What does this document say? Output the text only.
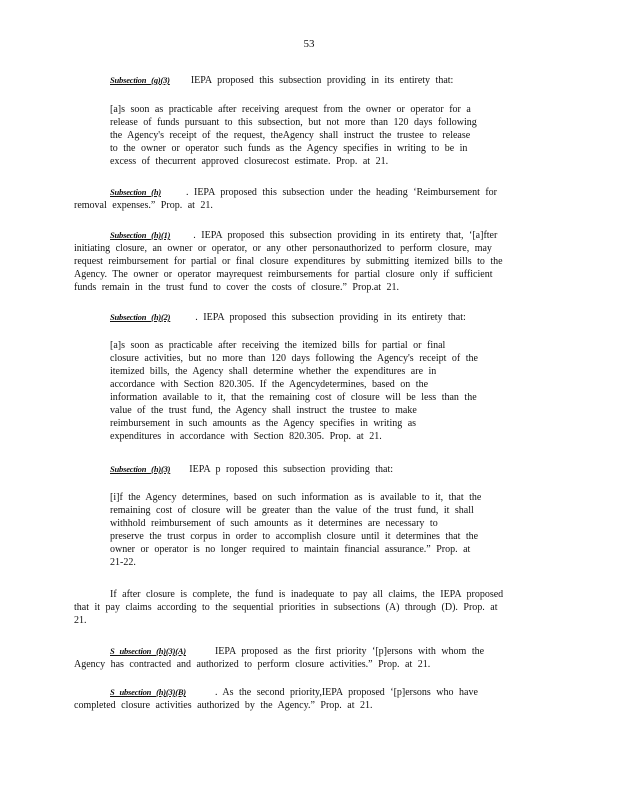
53
Subsection (g)(3) IEPA proposed this subsection providing in its entirety that:
[a]s soon as practicable after receiving arequest from the owner or operator for a
release of funds pursuant to this subsection, but not more than 120 days following
the Agency's receipt of the request, theAgency shall instruct the trustee to release
to the owner or operator such funds as the Agency specifies in writing to be in
excess of thecurrent approved closurecost estimate. Prop. at 21.
Subsection (h)	. IEPA proposed this subsection under the heading ‘Reimbursement for
removal expenses.” Prop. at 21.
Subsection (h)(1) . IEPA proposed this subsection providing in its entirety that, ‘[a]fter
initiating closure, an owner or operator, or any other personauthorized to perform closure, may
request reimbursement for partial or final closure expenditures by submitting itemized bills to the
Agency. The owner or operator mayrequest reimbursements for partial closure only if sufficient
funds remain in the trust fund to cover the costs of closure.” Prop.at 21.
Subsection (h)(2)	. IEPA proposed this subsection providing in its entirety that:
[a]s soon as practicable after receiving the itemized bills for partial or final
closure activities, but no more than 120 days following the Agency's receipt of the
itemized bills, the Agency shall determine whether the expenditures are in
accordance with Section 820.305. If the Agencydetermines, based on the
information available to it, that the remaining cost of closure will be less than the
value of the trust fund, the Agency shall instruct the trustee to make
reimbursement in such amounts as the Agency specifies in writing as
expenditures in accordance with Section 820.305. Prop. at 21.
Subsection (h)(3) IEPA p roposed this subsection providing that:
[i]f the Agency determines, based on such information as is available to it, that the
remaining cost of closure will be greater than the value of the trust fund, it shall
withhold reimbursement of such amounts as it determines are necessary to
preserve the trust corpus in order to accomplish closure until it determines that the
owner or operator is no longer required to maintain financial assurance.” Prop. at
21-22.
If after closure is complete, the fund is inadequate to pay all claims, the IEPA proposed
that it pay claims according to the sequential priorities in subsections (A) through (D). Prop. at
21.
S ubsection (h)(3)(A)	IEPA proposed as the first priority ‘[p]ersons with whom the
Agency has contracted and authorized to perform closure activities.” Prop. at 21.
S ubsection (h)(3)(B)	. As the second priority,IEPA proposed ‘[p]ersons who have
completed closure activities authorized by the Agency.” Prop. at 21.
